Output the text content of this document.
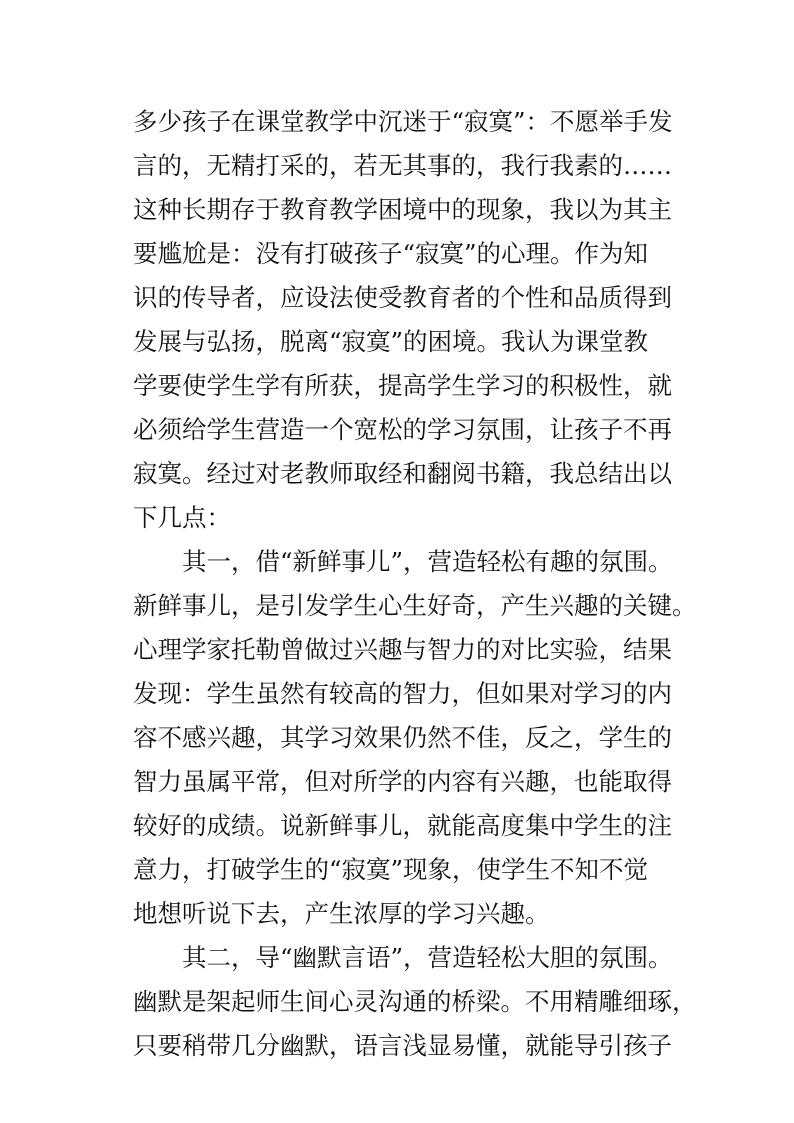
多少孩子在课堂教学中沉迷于“寂寞”：不愿举手发
言的，无精打采的，若无其事的，我行我素的……
这种长期存于教育教学困境中的现象，我以为其主
要尴尬是：没有打破孩子“寂寞”的心理。作为知
识的传导者，应设法使受教育者的个性和品质得到
发展与弘扬，脱离“寂寞”的困境。我认为课堂教
学要使学生学有所获，提高学生学习的积极性，就
必须给学生营造一个宽松的学习氛围，让孩子不再
寂寞。经过对老教师取经和翻阅书籍，我总结出以
下几点：
其一，借“新鲜事儿”，营造轻松有趣的氛围。
新鲜事儿，是引发学生心生好奇，产生兴趣的关键。
心理学家托勒曾做过兴趣与智力的对比实验，结果
发现：学生虽然有较高的智力，但如果对学习的内
容不感兴趣，其学习效果仍然不佳，反之，学生的
智力虽属平常，但对所学的内容有兴趣，也能取得
较好的成绩。说新鲜事儿，就能高度集中学生的注
意力，打破学生的“寂寞”现象，使学生不知不觉
地想听说下去，产生浓厚的学习兴趣。
其二，导“幽默言语”，营造轻松大胆的氛围。
幽默是架起师生间心灵沟通的桥梁。不用精雕细琢，
只要稍带几分幽默，语言浅显易懂，就能导引孩子
